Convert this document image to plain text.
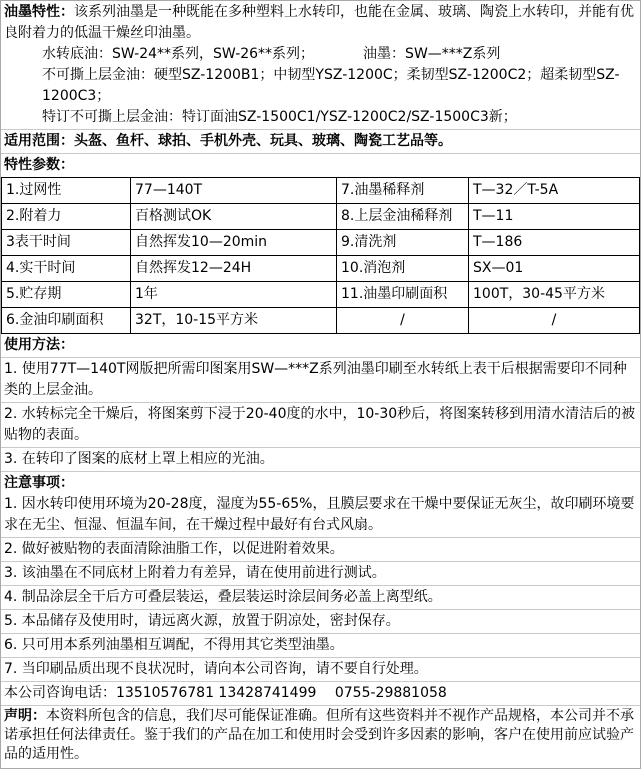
油墨特性：该系列油墨是一种既能在多种塑料上水转印，也能在金属、玻璃、陶瓷上水转印，并能有优良附着力的低温干燥丝印油墨。
水转底油：SW-24**系列，SW-26**系列；　　　　油墨：SW—***Z系列
不可撕上层金油：硬型SZ-1200B1；中韧型YSZ-1200C；柔韧型SZ-1200C2；超柔韧型SZ-1200C3；
特订不可撕上层金油：特订面油SZ-1500C1/YSZ-1200C2/SZ-1500C3新；
适用范围：头盔、鱼杆、球拍、手机外壳、玩具、玻璃、陶瓷工艺品等。
特性参数：
1.过网性	77—140T	7.油墨稀释剂	T—32／T-5A
2.附着力	百格测试OK	8.上层金油稀释剂	T—11
3表干时间	自然挥发10—20min	9.清洗剂	T—186
4.实干时间	自然挥发12—24H	10.消泡剂	SX—01
5.贮存期	1年	11.油墨印刷面积	100T，30-45平方米
6.金油印刷面积	32T，10-15平方米	/	/
使用方法：
1. 使用77T—140T网版把所需印图案用SW—***Z系列油墨印刷至水转纸上表干后根据需要印不同种类的上层金油。
2. 水转标完全干燥后，将图案剪下浸于20-40度的水中，10-30秒后，将图案转移到用清水清洁后的被贴物的表面。
3. 在转印了图案的底材上罩上相应的光油。
注意事项：
1. 因水转印使用环境为20-28度，湿度为55-65%，且膜层要求在干燥中要保证无灰尘，故印刷环境要求在无尘、恒湿、恒温车间，在干燥过程中最好有台式风扇。
2. 做好被贴物的表面清除油脂工作，以促进附着效果。
3. 该油墨在不同底材上附着力有差异，请在使用前进行测试。
4. 制品涂层全干后方可叠层装运，叠层装运时涂层间务必盖上离型纸。
5. 本品储存及使用时，请远离火源，放置于阴凉处，密封保存。
6. 只可用本系列油墨相互调配，不得用其它类型油墨。
7. 当印刷品质出现不良状况时，请向本公司咨询，请不要自行处理。
本公司咨询电话：13510576781 13428741499　 0755-29881058
声明：本资料所包含的信息，我们尽可能保证准确。但所有这些资料并不视作产品规格，本公司并不承诺承担任何法律责任。鉴于我们的产品在加工和使用时会受到许多因素的影响，客户在使用前应试验产品的适用性。
